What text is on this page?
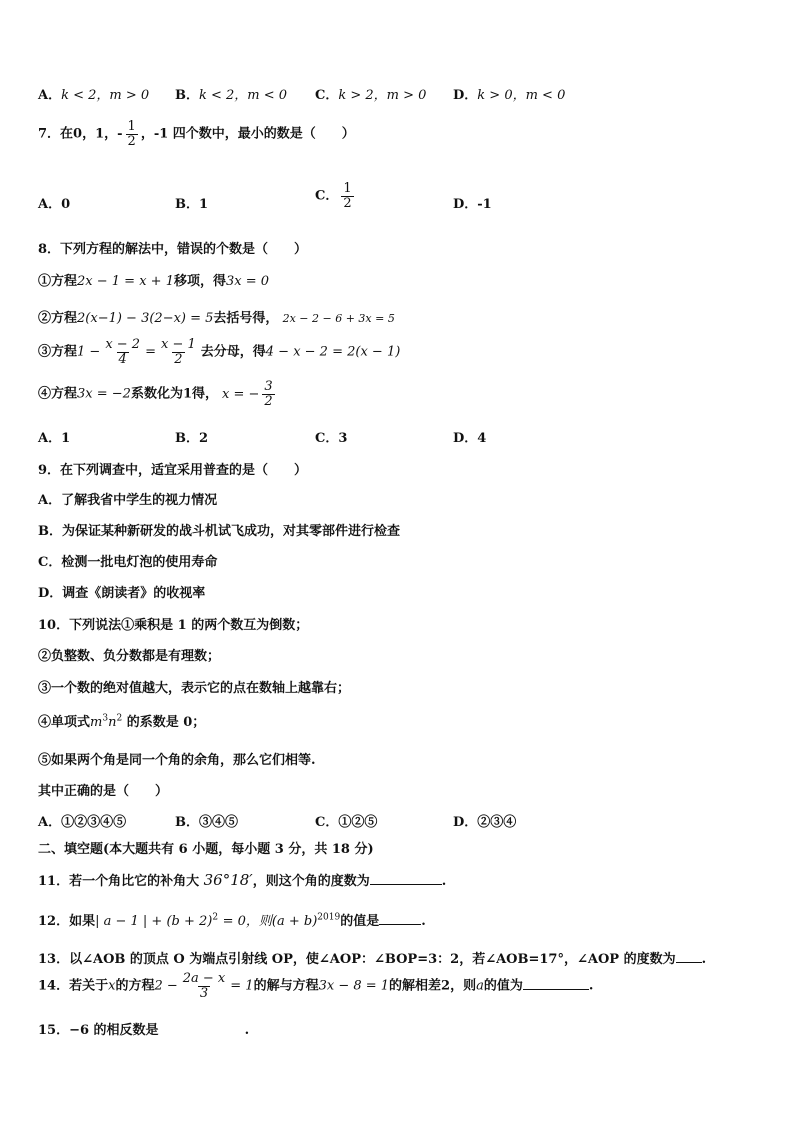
A．k < 2，m > 0 B．k < 2，m < 0 C．k > 2，m > 0 D．k > 0，m < 0
7．在0，1，- $\frac{1}{2}$ ，-1 四个数中，最小的数是（　　）
A．0	B．1
C． $\frac{1}{2}$	D．-1
8．下列方程的解法中，错误的个数是（　　）
①方程2x − 1 = x + 1移项，得3x = 0
②方程2(x−1) − 3(2−x) = 5去括号得， 2x − 2 − 6 + 3x = 5
③方程$1 - \frac{x - 2}{4} = \frac{x - 1}{2}$ 去分母，得4 − x − 2 = 2(x − 1)
④方程3x = −2系数化为1得， x = − $\frac{3}{2}$
A．1	B．2	C．3	D．4
9．在下列调查中，适宜采用普查的是（　　）
A．了解我省中学生的视力情况
B．为保证某种新研发的战斗机试飞成功，对其零部件进行检查
C．检测一批电灯泡的使用寿命
D．调查《朗读者》的收视率
10．下列说法①乘积是 1 的两个数互为倒数；
②负整数、负分数都是有理数；
③一个数的绝对值越大，表示它的点在数轴上越靠右；
④单项式$m^3n^2$ 的系数是 0；
⑤如果两个角是同一个角的余角，那么它们相等.
其中正确的是（　　）
A．①②③④⑤	B．③④⑤	C．①②⑤	D．②③④
二、填空题(本大题共有 6 小题，每小题 3 分，共 18 分)
11．若一个角比它的补角大 36°18′，则这个角的度数为	.
12．如果| a − 1 | + $(b + 2)^2 = 0$，则$(a + b)^{2019}$的值是	.
13．以∠AOB 的顶点 O 为端点引射线 OP，使∠AOP：∠BOP=3：2，若∠AOB=17°，∠AOP 的度数为 .
14．若关于x的方程$2 - \frac{2a - x}{3} = 1$的解与方程3x − 8 = 1的解相差2，则a的值为	.
15．−6 的相反数是	.
